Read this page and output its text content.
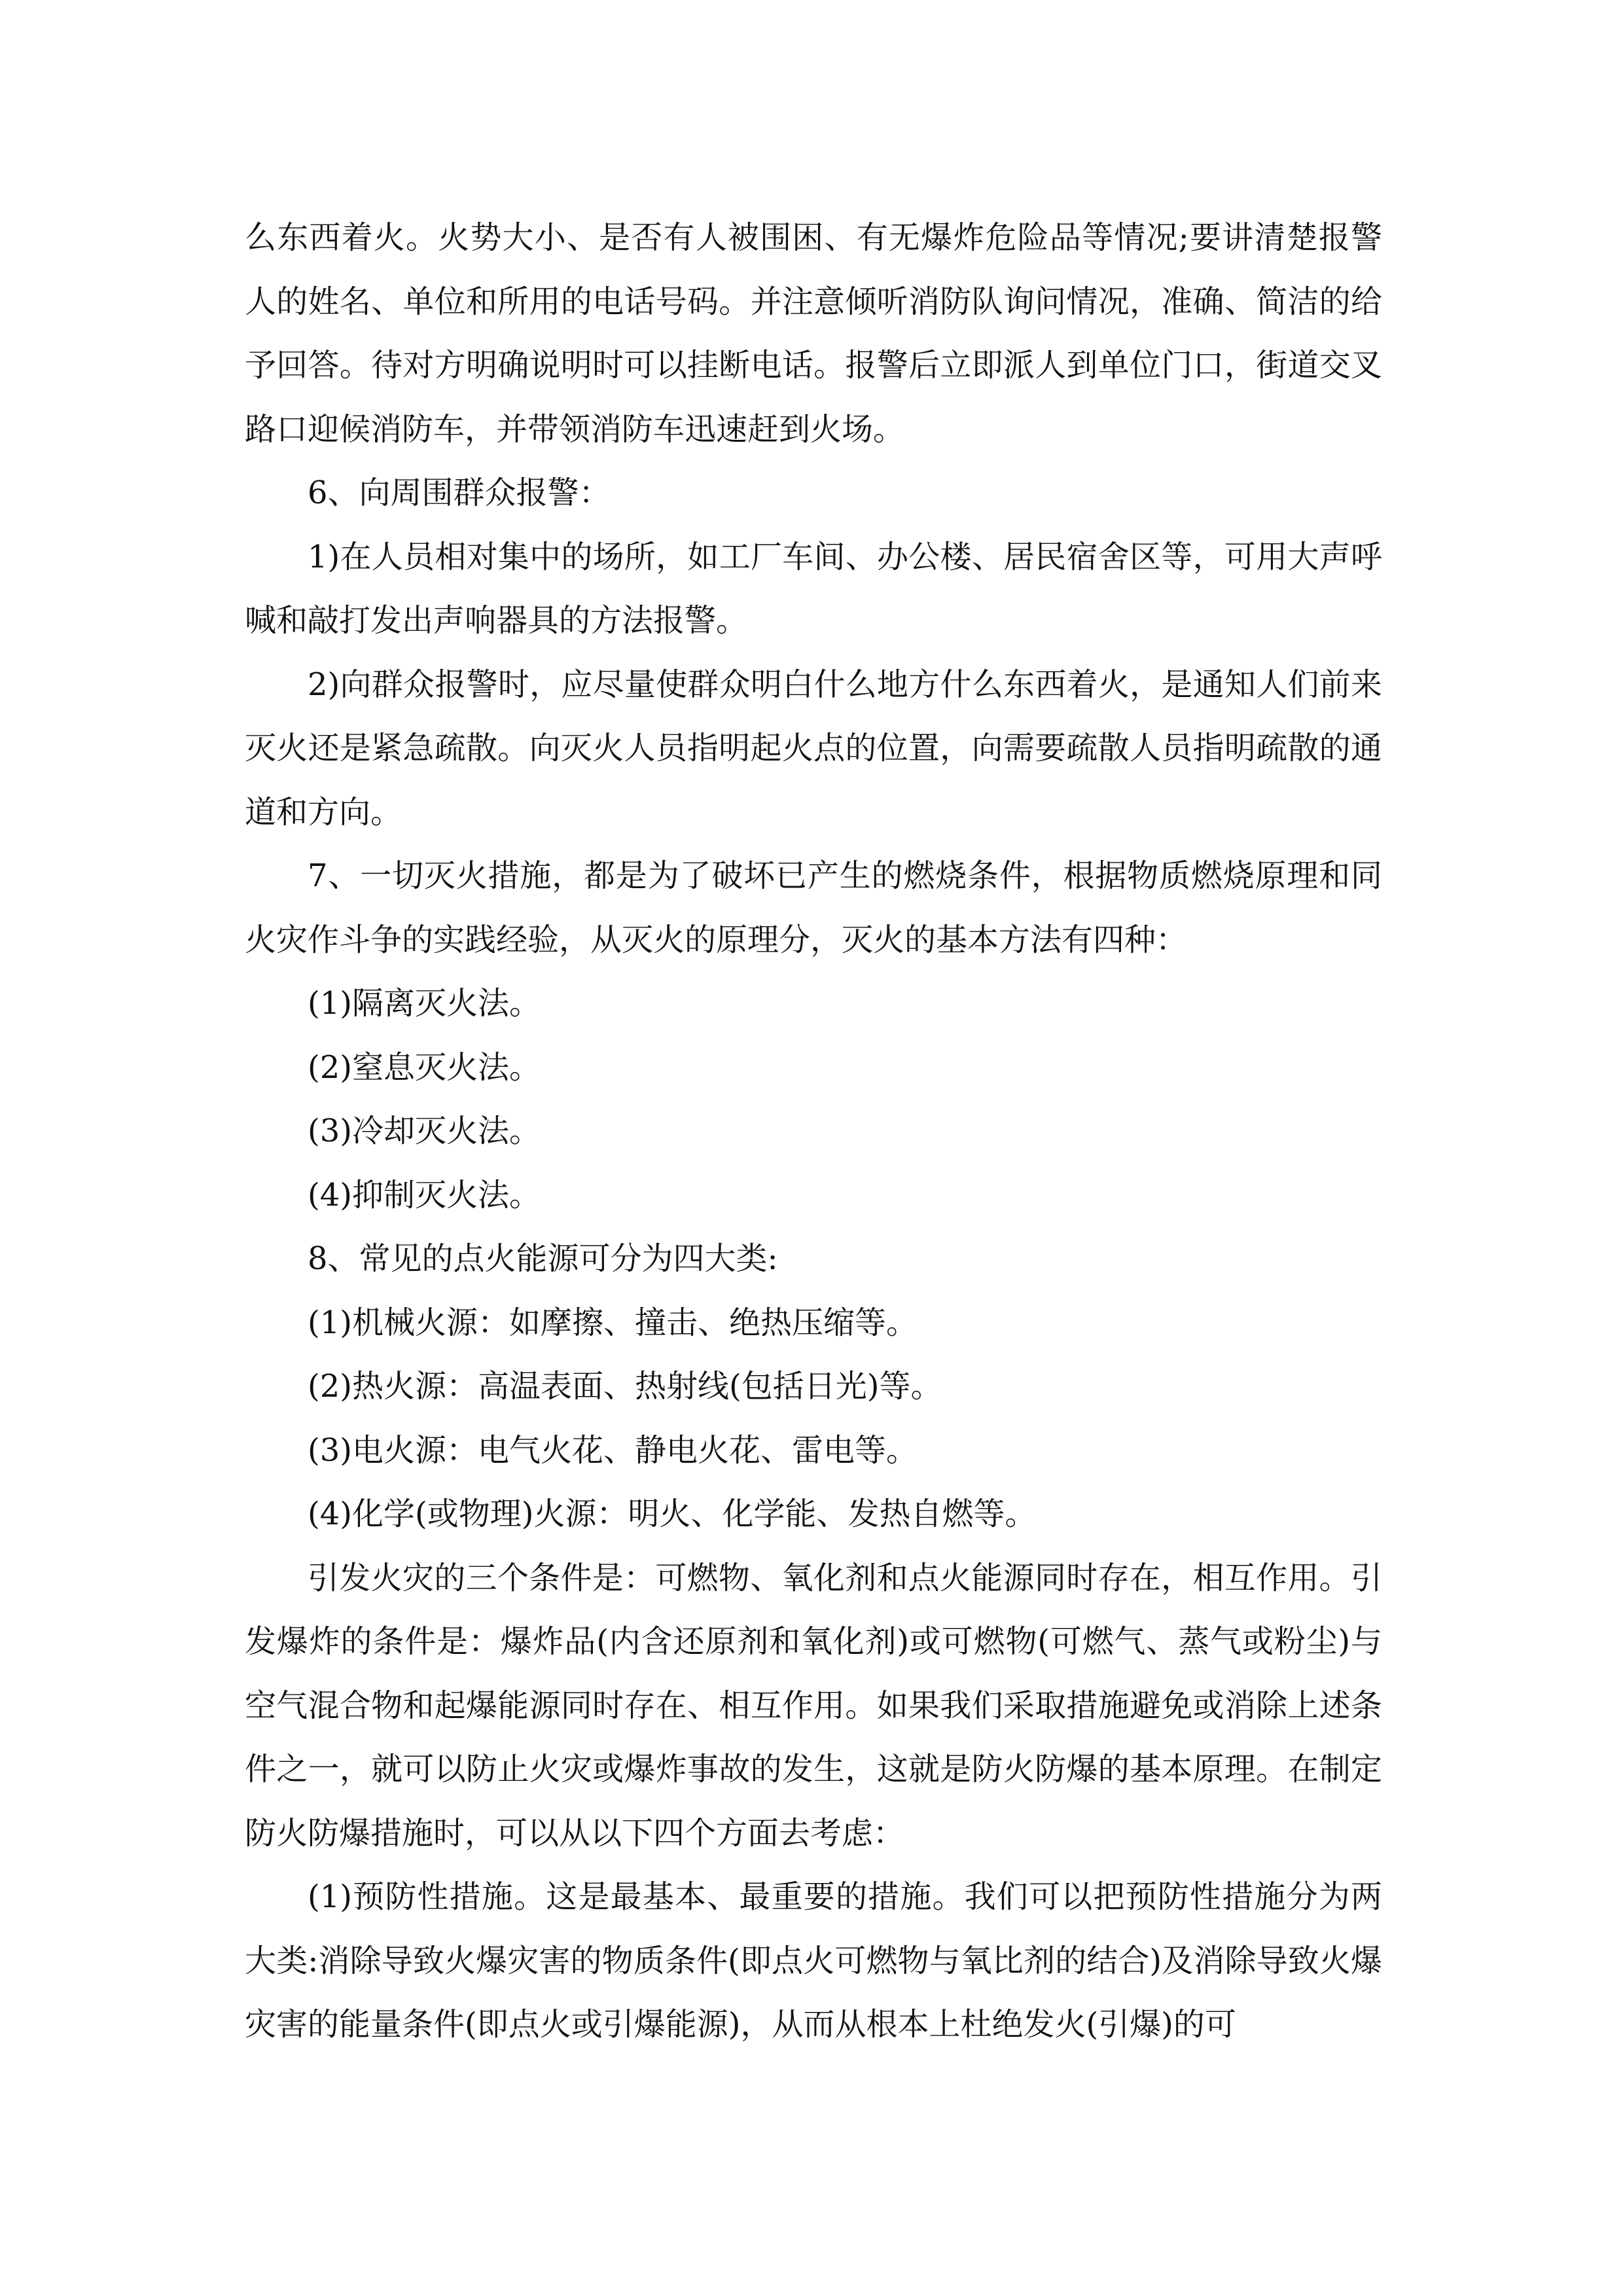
么东西着火。火势大小、是否有人被围困、有无爆炸危险品等情况;要讲清楚报警人的姓名、单位和所用的电话号码。并注意倾听消防队询问情况，准确、简洁的给予回答。待对方明确说明时可以挂断电话。报警后立即派人到单位门口，街道交叉路口迎候消防车，并带领消防车迅速赶到火场。

6、向周围群众报警：

1)在人员相对集中的场所，如工厂车间、办公楼、居民宿舍区等，可用大声呼喊和敲打发出声响器具的方法报警。

2)向群众报警时，应尽量使群众明白什么地方什么东西着火，是通知人们前来灭火还是紧急疏散。向灭火人员指明起火点的位置，向需要疏散人员指明疏散的通道和方向。

7、一切灭火措施，都是为了破坏已产生的燃烧条件，根据物质燃烧原理和同火灾作斗争的实践经验，从灭火的原理分，灭火的基本方法有四种：

(1)隔离灭火法。

(2)窒息灭火法。

(3)冷却灭火法。

(4)抑制灭火法。

8、常见的点火能源可分为四大类:

(1)机械火源：如摩擦、撞击、绝热压缩等。

(2)热火源：高温表面、热射线(包括日光)等。

(3)电火源：电气火花、静电火花、雷电等。

(4)化学(或物理)火源：明火、化学能、发热自燃等。

引发火灾的三个条件是：可燃物、氧化剂和点火能源同时存在，相互作用。引发爆炸的条件是：爆炸品(内含还原剂和氧化剂)或可燃物(可燃气、蒸气或粉尘)与空气混合物和起爆能源同时存在、相互作用。如果我们采取措施避免或消除上述条件之一，就可以防止火灾或爆炸事故的发生，这就是防火防爆的基本原理。在制定防火防爆措施时，可以从以下四个方面去考虑：

(1)预防性措施。这是最基本、最重要的措施。我们可以把预防性措施分为两大类:消除导致火爆灾害的物质条件(即点火可燃物与氧比剂的结合)及消除导致火爆灾害的能量条件(即点火或引爆能源)，从而从根本上杜绝发火(引爆)的可
